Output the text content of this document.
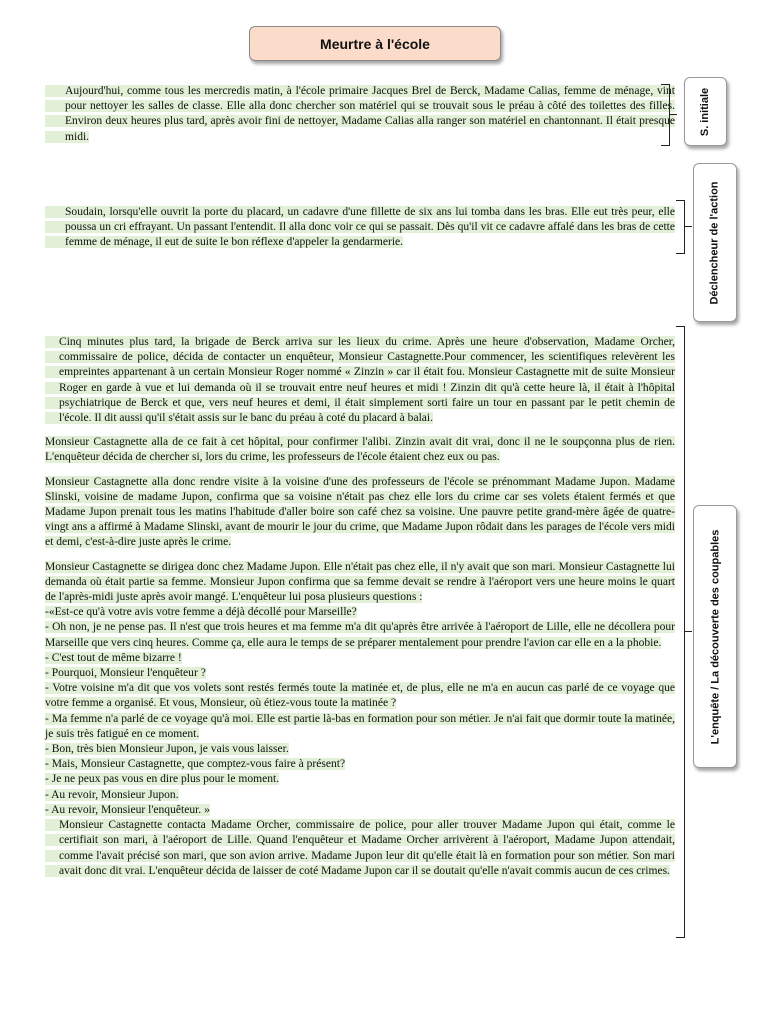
Meurtre à l'école

Aujourd'hui, comme tous les mercredis matin, à l'école primaire Jacques Brel de Berck, Madame Calias, femme de ménage, vint pour nettoyer les salles de classe. Elle alla donc chercher son matériel qui se trouvait sous le préau à côté des toilettes des filles. Environ deux heures plus tard, après avoir fini de nettoyer, Madame Calias alla ranger son matériel en chantonnant. Il était presque midi.

S. initiale

Soudain, lorsqu'elle ouvrit la porte du placard, un cadavre d'une fillette de six ans lui tomba dans les bras. Elle eut très peur, elle poussa un cri effrayant. Un passant l'entendit. Il alla donc voir ce qui se passait. Dès qu'il vit ce cadavre affalé dans les bras de cette femme de ménage, il eut de suite le bon réflexe d'appeler la gendarmerie.	Déclencheur de l'action

Cinq minutes plus tard, la brigade de Berck arriva sur les lieux du crime. Après une heure d'observation, Madame Orcher, commissaire de police, décida de contacter un enquêteur, Monsieur Castagnette.Pour commencer, les scientifiques relevèrent les empreintes appartenant à un certain Monsieur Roger nommé « Zinzin » car il était fou. Monsieur Castagnette mit de suite Monsieur Roger en garde à vue et lui demanda où il se trouvait entre neuf heures et midi ! Zinzin dit qu'à cette heure là, il était à l'hôpital psychiatrique de Berck et que, vers neuf heures et demi, il était simplement sorti faire un tour en passant par le petit chemin de l'école. Il dit aussi qu'il s'était assis sur le banc du préau à coté du placard à balai.

Monsieur Castagnette alla de ce fait à cet hôpital, pour confirmer l'alibi. Zinzin avait dit vrai, donc il ne le soupçonna plus de rien. L'enquêteur décida de chercher si, lors du crime, les professeurs de l'école étaient chez eux ou pas.

Monsieur Castagnette alla donc rendre visite à la voisine d'une des professeurs de l'école se prénommant Madame Jupon. Madame Slinski, voisine de madame Jupon, confirma que sa voisine n'était pas chez elle lors du crime car ses volets étaient fermés et que Madame Jupon prenait tous les matins l'habitude d'aller boire son café chez sa voisine. Une pauvre petite grand-mère âgée de quatre-vingt ans a affirmé à Madame Slinski, avant de mourir le jour du crime, que Madame Jupon rôdait dans les parages de l'école vers midi et demi, c'est-à-dire juste après le crime.

Monsieur Castagnette se dirigea donc chez Madame Jupon. Elle n'était pas chez elle, il n'y avait que son mari. Monsieur Castagnette lui demanda où était partie sa femme. Monsieur Jupon confirma que sa femme devait se rendre à l'aéroport vers une heure moins le quart de l'après-midi juste après avoir mangé. L'enquêteur lui posa plusieurs questions :
-«Est-ce qu'à votre avis votre femme a déjà décollé pour Marseille?
- Oh non, je ne pense pas. Il n'est que trois heures et ma femme m'a dit qu'après être arrivée à l'aéroport de Lille, elle ne décollera pour Marseille que vers cinq heures. Comme ça, elle aura le temps de se préparer mentalement pour prendre l'avion car elle en a la phobie.
- C'est tout de même bizarre !
- Pourquoi, Monsieur l'enquêteur ?
- Votre voisine m'a dit que vos volets sont restés fermés toute la matinée et, de plus, elle ne m'a en aucun cas parlé de ce voyage que votre femme a organisé. Et vous, Monsieur, où étiez-vous toute la matinée ?
- Ma femme n'a parlé de ce voyage qu'à moi. Elle est partie là-bas en formation pour son métier. Je n'ai fait que dormir toute la matinée, je suis très fatigué en ce moment.
- Bon, très bien Monsieur Jupon, je vais vous laisser.
- Mais, Monsieur Castagnette, que comptez-vous faire à présent?
- Je ne peux pas vous en dire plus pour le moment.
- Au revoir, Monsieur Jupon.
- Au revoir, Monsieur l'enquêteur. »
Monsieur Castagnette contacta Madame Orcher, commissaire de police, pour aller trouver Madame Jupon qui était, comme le certifiait son mari, à l'aéroport de Lille. Quand l'enquêteur et Madame Orcher arrivèrent à l'aéroport, Madame Jupon attendait, comme l'avait précisé son mari, que son avion arrive. Madame Jupon leur dit qu'elle était là en formation pour son métier. Son mari avait donc dit vrai. L'enquêteur décida de laisser de coté Madame Jupon car il se doutait qu'elle n'avait commis aucun de ces crimes.
L'enquête / La découverte des coupables
